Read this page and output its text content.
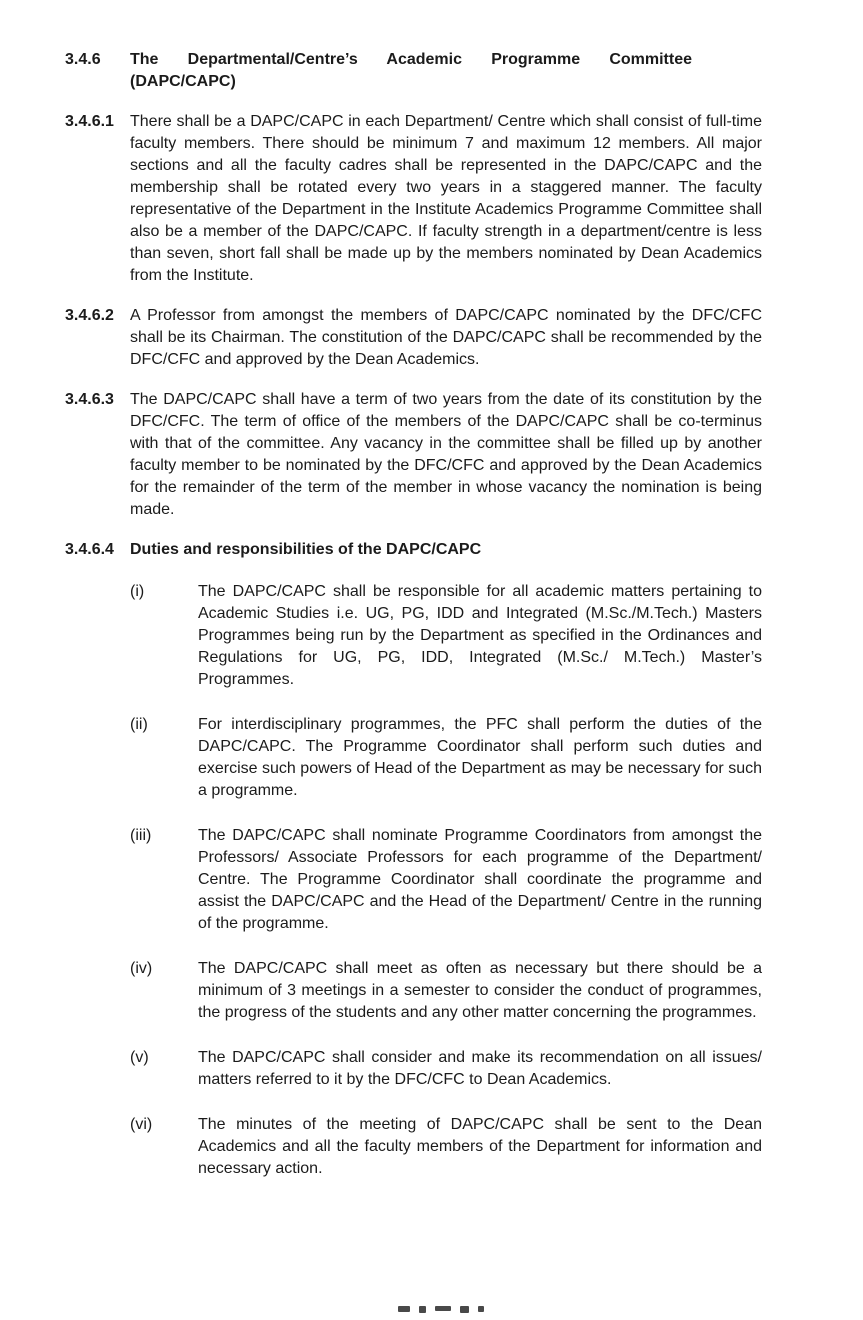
3.4.6	The Departmental/Centre’s Academic Programme Committee (DAPC/CAPC)
3.4.6.1	There shall be a DAPC/CAPC in each Department/ Centre which shall consist of full-time faculty members. There should be minimum 7 and maximum 12 members. All major sections and all the faculty cadres shall be represented in the DAPC/CAPC and the membership shall be rotated every two years in a staggered manner. The faculty representative of the Department in the Institute Academics Programme Committee shall also be a member of the DAPC/CAPC. If faculty strength in a department/centre is less than seven, short fall shall be made up by the members nominated by Dean Academics from the Institute.
3.4.6.2	A Professor from amongst the members of DAPC/CAPC nominated by the DFC/CFC shall be its Chairman. The constitution of the DAPC/CAPC shall be recommended by the DFC/CFC and approved by the Dean Academics.
3.4.6.3	The DAPC/CAPC shall have a term of two years from the date of its constitution by the DFC/CFC. The term of office of the members of the DAPC/CAPC shall be co-terminus with that of the committee. Any vacancy in the committee shall be filled up by another faculty member to be nominated by the DFC/CFC and approved by the Dean Academics for the remainder of the term of the member in whose vacancy the nomination is being made.
3.4.6.4	Duties and responsibilities of the DAPC/CAPC
(i)	The DAPC/CAPC shall be responsible for all academic matters pertaining to Academic Studies i.e. UG, PG, IDD and Integrated (M.Sc./M.Tech.) Masters Programmes being run by the Department as specified in the Ordinances and Regulations for UG, PG, IDD, Integrated (M.Sc./ M.Tech.) Master’s Programmes.
(ii)	For interdisciplinary programmes, the PFC shall perform the duties of the DAPC/CAPC. The Programme Coordinator shall perform such duties and exercise such powers of Head of the Department as may be necessary for such a programme.
(iii)	The DAPC/CAPC shall nominate Programme Coordinators from amongst the Professors/ Associate Professors for each programme of the Department/ Centre. The Programme Coordinator shall coordinate the programme and assist the DAPC/CAPC and the Head of the Department/ Centre in the running of the programme.
(iv)	The DAPC/CAPC shall meet as often as necessary but there should be a minimum of 3 meetings in a semester to consider the conduct of programmes, the progress of the students and any other matter concerning the programmes.
(v)	The DAPC/CAPC shall consider and make its recommendation on all issues/ matters referred to it by the DFC/CFC to Dean Academics.
(vi)	The minutes of the meeting of DAPC/CAPC shall be sent to the Dean Academics and all the faculty members of the Department for information and necessary action.
